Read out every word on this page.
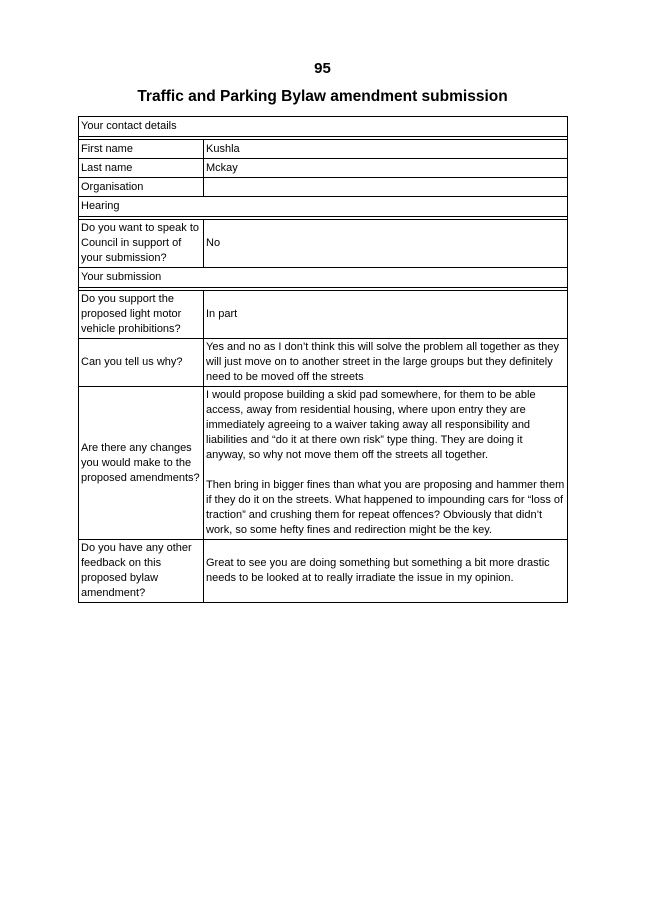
95
Traffic and Parking Bylaw amendment submission
Your contact details	

First name	Kushla
Last name	Mckay
Organisation	
Hearing	

Do you want to speak to Council in support of your submission?	No
Your submission	

Do you support the proposed light motor vehicle prohibitions?	In part
Can you tell us why?	Yes and no as I don’t think this will solve the problem all together as they will just move on to another street in the large groups but they definitely need to be moved off the streets
Are there any changes you would make to the proposed amendments?	I would propose building a skid pad somewhere, for them to be able access, away from residential housing, where upon entry they are immediately agreeing to a waiver taking away all responsibility and liabilities and “do it at there own risk” type thing. They are doing it anyway, so why not move them off the streets all together.
Then bring in bigger fines than what you are proposing and hammer them if they do it on the streets. What happened to impounding cars for “loss of traction” and crushing them for repeat offences? Obviously that didn’t work, so some hefty fines and redirection might be the key.

Do you have any other feedback on this proposed bylaw amendment?	Great to see you are doing something but something a bit more drastic needs to be looked at to really irradiate the issue in my opinion.
